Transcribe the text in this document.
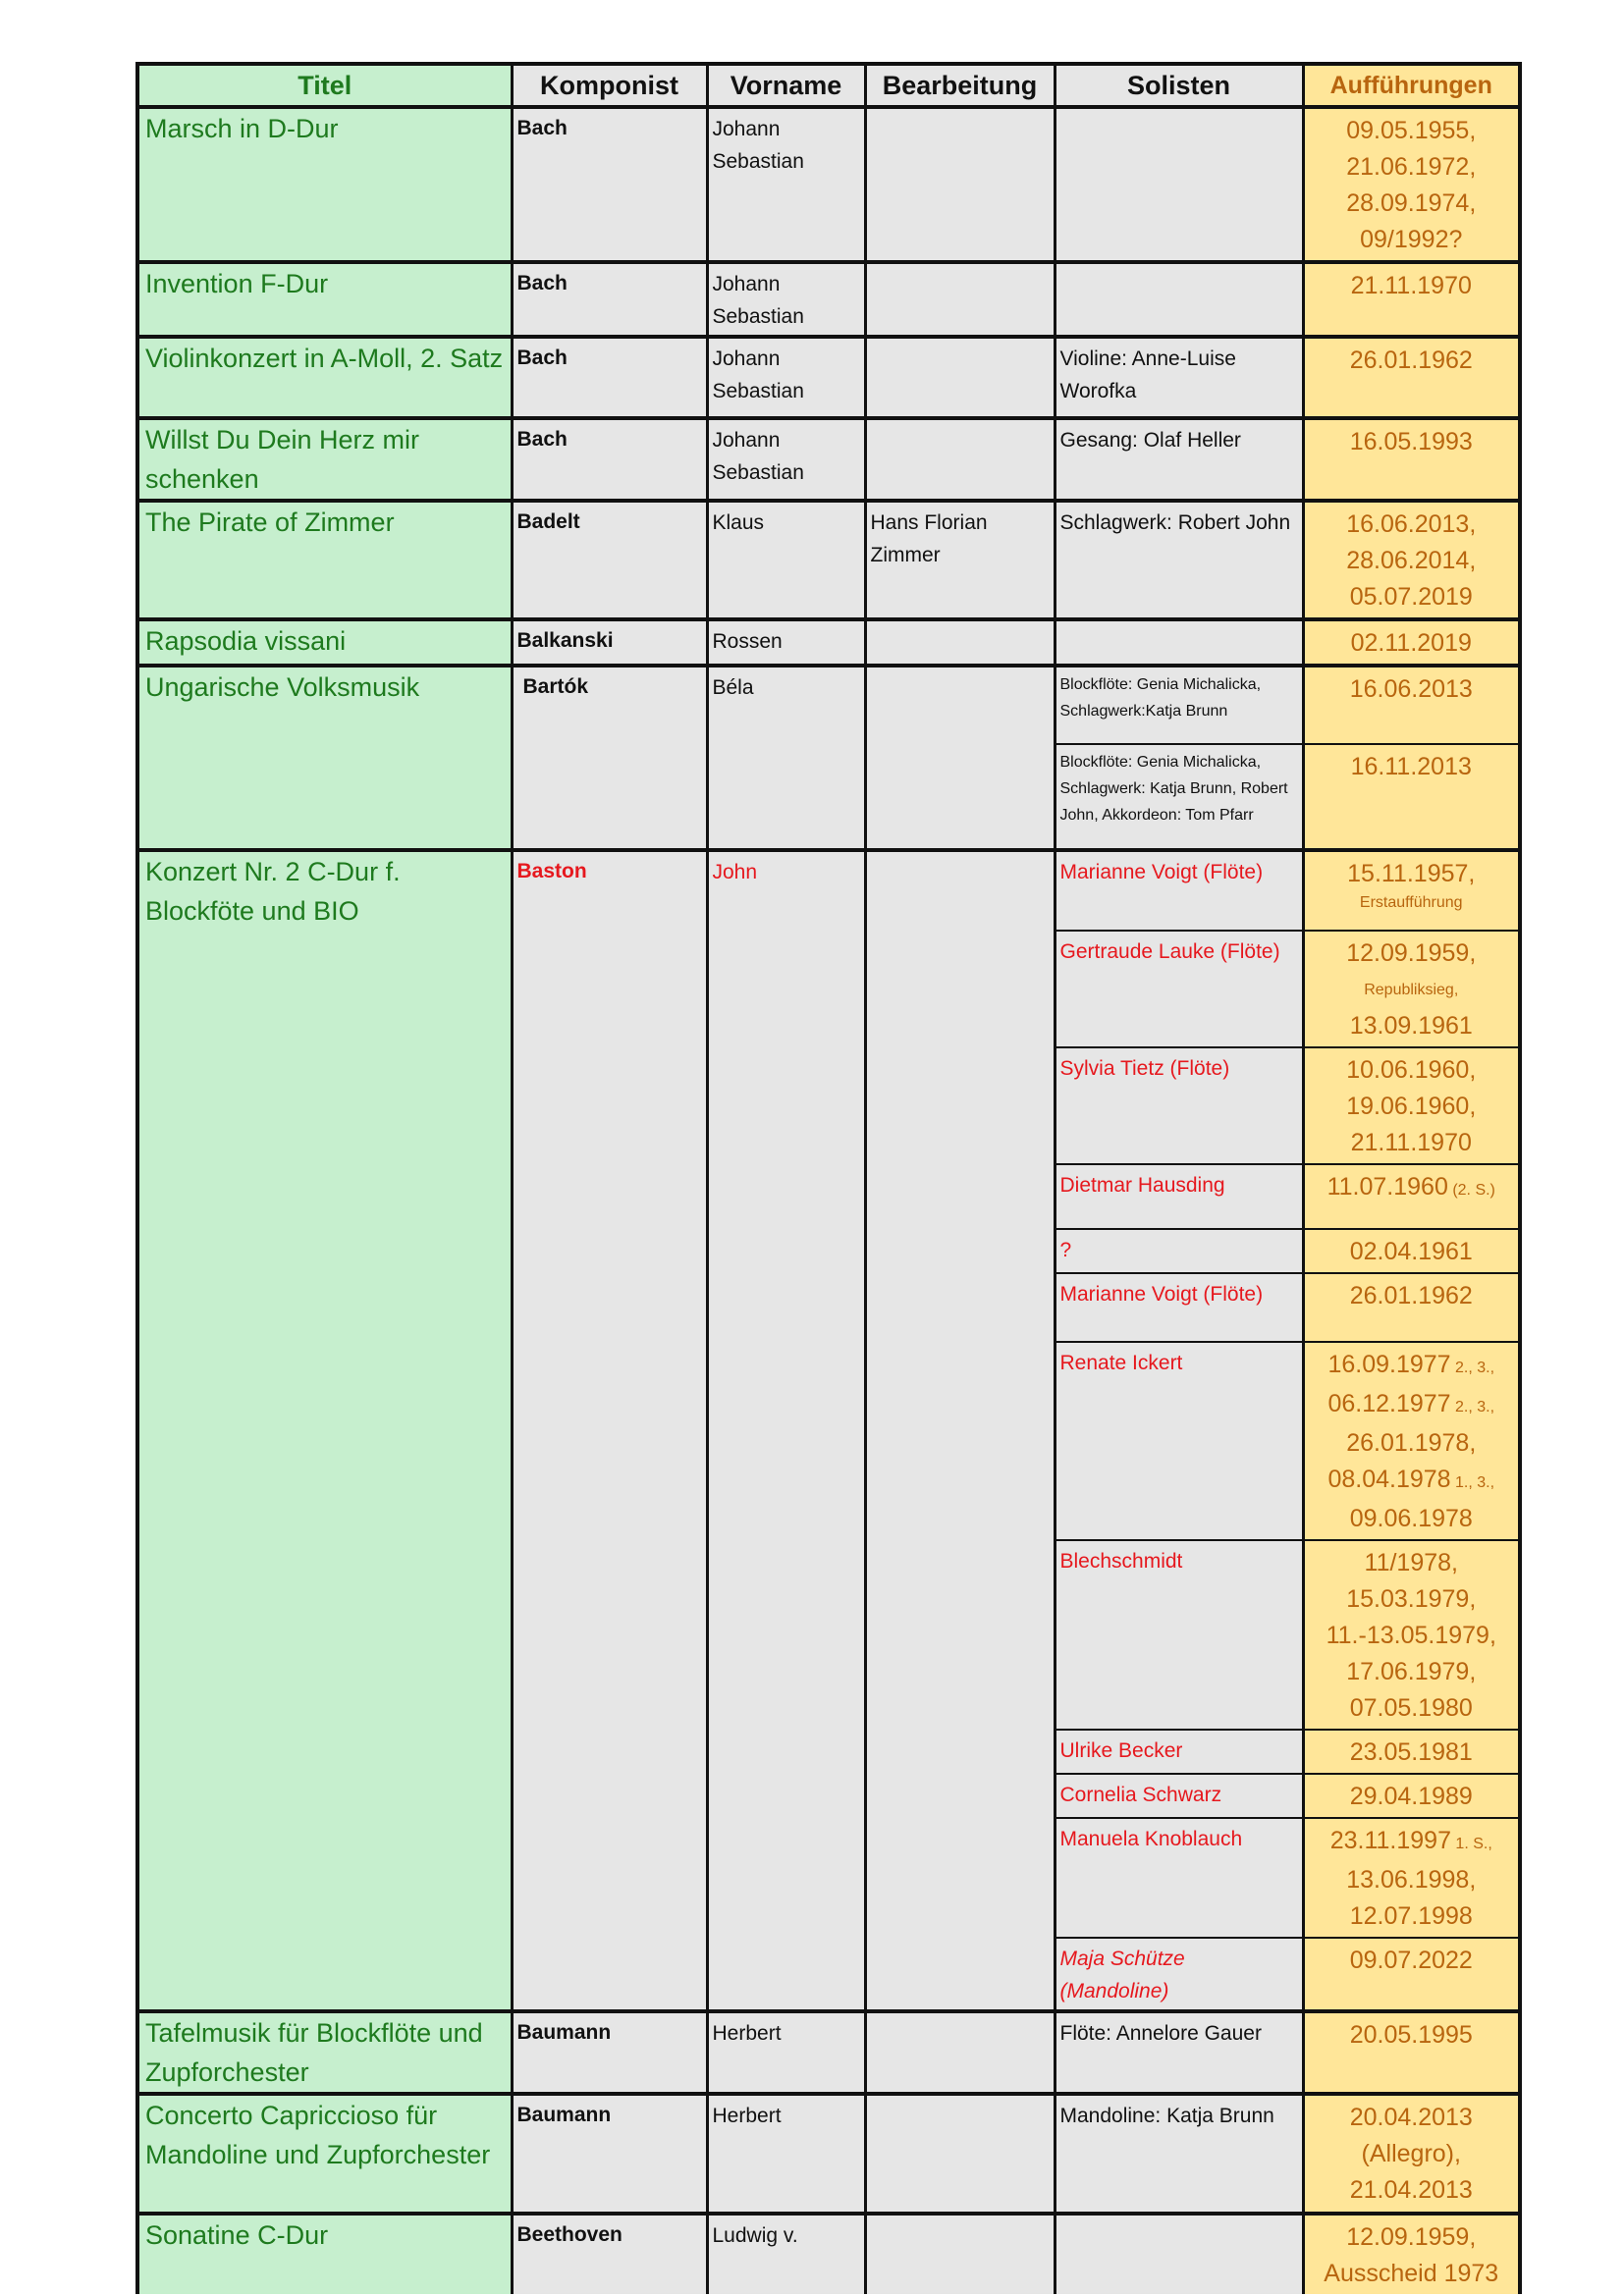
Titel	Komponist	Vorname	Bearbeitung	Solisten	Aufführungen
Marsch in D-Dur	Bach	Johann Sebastian			09.05.1955,
21.06.1972,
28.09.1974,
09/1992?

Invention F-Dur	Bach	Johann Sebastian			21.11.1970

Violinkonzert in A-Moll, 2. Satz	Bach	Johann Sebastian		Violine: Anne-Luise Worofka	26.01.1962

Willst Du Dein Herz mir schenken	Bach	Johann Sebastian		Gesang: Olaf Heller	16.05.1993

The Pirate of Zimmer	Badelt	Klaus	Hans Florian Zimmer	Schlagwerk: Robert John	16.06.2013,
28.06.2014,
05.07.2019

Rapsodia vissani	Balkanski	Rossen			02.11.2019

Ungarische Volksmusik	Bartók	Béla		Blockflöte: Genia Michalicka, Schlagwerk:Katja Brunn	16.06.2013
				Blockflöte: Genia Michalicka, Schlagwerk: Katja Brunn, Robert John, Akkordeon: Tom Pfarr	16.11.2013
Konzert Nr. 2 C-Dur f. Blockföte und BIO	Baston	John		Marianne Voigt (Flöte)	15.11.1957,
Erstaufführung

				Gertraude Lauke (Flöte)	12.09.1959,
Republiksieg,
13.09.1961

				Sylvia Tietz (Flöte)	10.06.1960,
19.06.1960,
21.11.1970

				Dietmar Hausding	11.07.1960 (2. S.)
				?	02.04.1961

				Marianne Voigt (Flöte)	26.01.1962

				Renate Ickert	16.09.1977 2., 3.,
06.12.1977 2., 3.,
26.01.1978,
08.04.1978 1., 3.,
09.06.1978

				Blechschmidt	11/1978,
15.03.1979,
11.-13.05.1979,
17.06.1979,
07.05.1980

				Ulrike Becker	23.05.1981

				Cornelia Schwarz	29.04.1989

				Manuela Knoblauch	23.11.1997 1. S.,
13.06.1998,
12.07.1998

				Maja Schütze (Mandoline)	09.07.2022

Tafelmusik für Blockflöte und Zupforchester	Baumann	Herbert		Flöte: Annelore Gauer	20.05.1995

Concerto Capriccioso für Mandoline und Zupforchester	Baumann	Herbert		Mandoline: Katja Brunn	20.04.2013
(Allegro),
21.04.2013

Sonatine C-Dur	Beethoven	Ludwig v.			12.09.1959,
Ausscheid 1973
